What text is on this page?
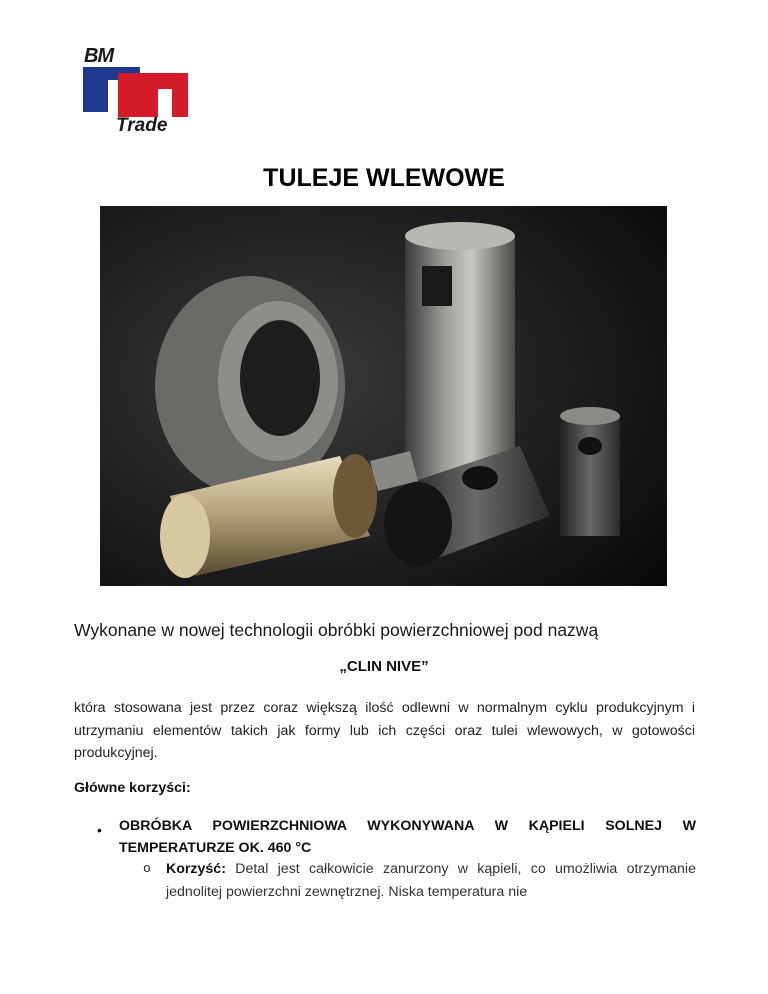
BM
Trade
TULEJE WLEWOWE
Wykonane w nowej technologii obróbki powierzchniowej pod nazwą
„CLIN NIVE”
która stosowana jest przez coraz większą ilość odlewni w normalnym cyklu produkcyjnym i utrzymaniu elementów takich jak formy lub ich części oraz tulei wlewowych, w gotowości produkcyjnej.
Główne korzyści:
• OBRÓBKA POWIERZCHNIOWA WYKONYWANA W KĄPIELI SOLNEJ W TEMPERATURZE OK. 460 °C
o Korzyść: Detal jest całkowicie zanurzony w kąpieli, co umożliwia otrzymanie jednolitej powierzchni zewnętrznej. Niska temperatura nie
